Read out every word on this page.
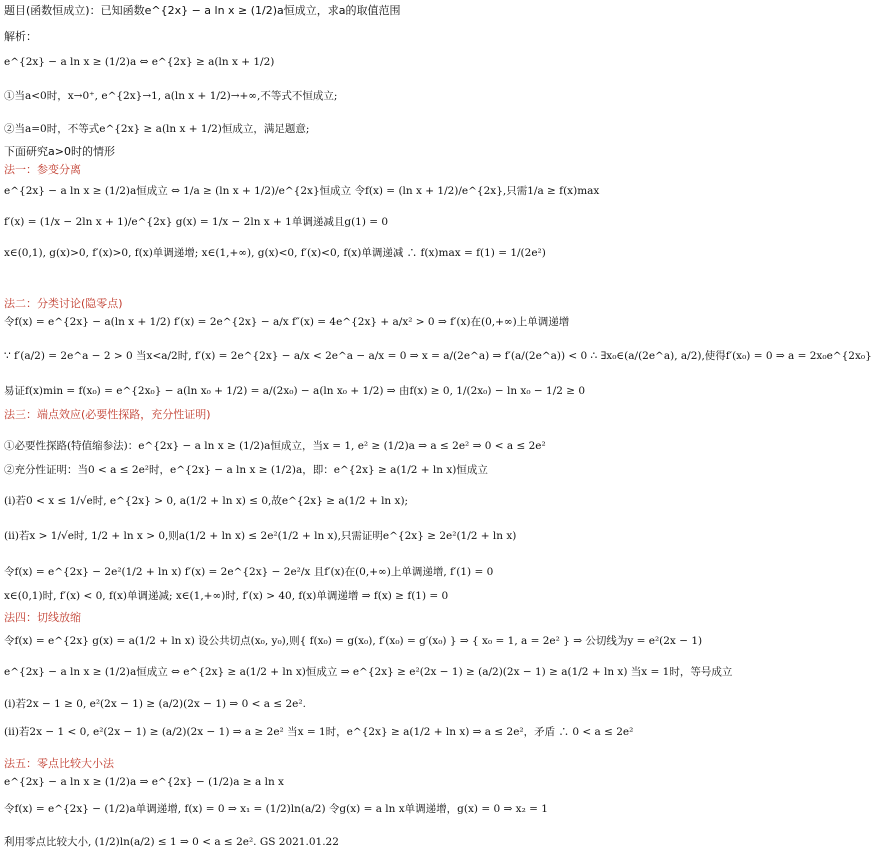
题目(函数恒成立)：已知函数e^{2x} − a ln x ≥ (1/2)a恒成立，求a的取值范围
解析：
e^{2x} − a ln x ≥ (1/2)a ⇔ e^{2x} ≥ a(ln x + 1/2)
①当a<0时，x→0⁺, e^{2x}→1, a(ln x + 1/2)→+∞,不等式不恒成立;
②当a=0时，不等式e^{2x} ≥ a(ln x + 1/2)恒成立，满足题意;
下面研究a>0时的情形
法一：参变分离
e^{2x} − a ln x ≥ (1/2)a恒成立 ⇔ 1/a ≥ (ln x + 1/2)/e^{2x}恒成立 令f(x) = (ln x + 1/2)/e^{2x},只需1/a ≥ f(x)max
f′(x) = (1/x − 2ln x + 1)/e^{2x} g(x) = 1/x − 2ln x + 1单调递减且g(1) = 0
x∈(0,1), g(x)>0, f′(x)>0, f(x)单调递增; x∈(1,+∞), g(x)<0, f′(x)<0, f(x)单调递减 ∴ f(x)max = f(1) = 1/(2e²)
法二：分类讨论(隐零点)
令f(x) = e^{2x} − a(ln x + 1/2) f′(x) = 2e^{2x} − a/x f″(x) = 4e^{2x} + a/x² > 0 ⇒ f′(x)在(0,+∞)上单调递增
∵ f′(a/2) = 2e^a − 2 > 0 当x<a/2时, f′(x) = 2e^{2x} − a/x < 2e^a − a/x = 0 ⇒ x = a/(2e^a) ⇒ f′(a/(2e^a)) < 0 ∴ ∃x₀∈(a/(2e^a), a/2),使得f′(x₀) = 0 ⇒ a = 2x₀e^{2x₀}
易证f(x)min = f(x₀) = e^{2x₀} − a(ln x₀ + 1/2) = a/(2x₀) − a(ln x₀ + 1/2) ⇒ 由f(x) ≥ 0, 1/(2x₀) − ln x₀ − 1/2 ≥ 0
法三：端点效应(必要性探路，充分性证明)
①必要性探路(特值缩参法)：e^{2x} − a ln x ≥ (1/2)a恒成立，当x = 1, e² ≥ (1/2)a ⇒ a ≤ 2e² ⇒ 0 < a ≤ 2e²
②充分性证明：当0 < a ≤ 2e²时，e^{2x} − a ln x ≥ (1/2)a，即：e^{2x} ≥ a(1/2 + ln x)恒成立
(i)若0 < x ≤ 1/√e时, e^{2x} > 0, a(1/2 + ln x) ≤ 0,故e^{2x} ≥ a(1/2 + ln x);
(ii)若x > 1/√e时, 1/2 + ln x > 0,则a(1/2 + ln x) ≤ 2e²(1/2 + ln x),只需证明e^{2x} ≥ 2e²(1/2 + ln x)
令f(x) = e^{2x} − 2e²(1/2 + ln x) f′(x) = 2e^{2x} − 2e²/x 且f′(x)在(0,+∞)上单调递增, f′(1) = 0
x∈(0,1)时, f′(x) < 0, f(x)单调递减; x∈(1,+∞)时, f′(x) > 40, f(x)单调递增 ⇒ f(x) ≥ f(1) = 0
法四：切线放缩
令f(x) = e^{2x} g(x) = a(1/2 + ln x) 设公共切点(x₀, y₀),则{ f(x₀) = g(x₀), f′(x₀) = g′(x₀) } ⇒ { x₀ = 1, a = 2e² } ⇒ 公切线为y = e²(2x − 1)
e^{2x} − a ln x ≥ (1/2)a恒成立 ⇔ e^{2x} ≥ a(1/2 + ln x)恒成立 ⇒ e^{2x} ≥ e²(2x − 1) ≥ (a/2)(2x − 1) ≥ a(1/2 + ln x) 当x = 1时，等号成立
(i)若2x − 1 ≥ 0, e²(2x − 1) ≥ (a/2)(2x − 1) ⇒ 0 < a ≤ 2e².
(ii)若2x − 1 < 0, e²(2x − 1) ≥ (a/2)(2x − 1) ⇒ a ≥ 2e² 当x = 1时，e^{2x} ≥ a(1/2 + ln x) ⇒ a ≤ 2e²，矛盾 ∴ 0 < a ≤ 2e²
法五：零点比较大小法
e^{2x} − a ln x ≥ (1/2)a ⇒ e^{2x} − (1/2)a ≥ a ln x
令f(x) = e^{2x} − (1/2)a单调递增, f(x) = 0 ⇒ x₁ = (1/2)ln(a/2) 令g(x) = a ln x单调递增，g(x) = 0 ⇒ x₂ = 1
利用零点比较大小, (1/2)ln(a/2) ≤ 1 ⇒ 0 < a ≤ 2e². GS 2021.01.22
